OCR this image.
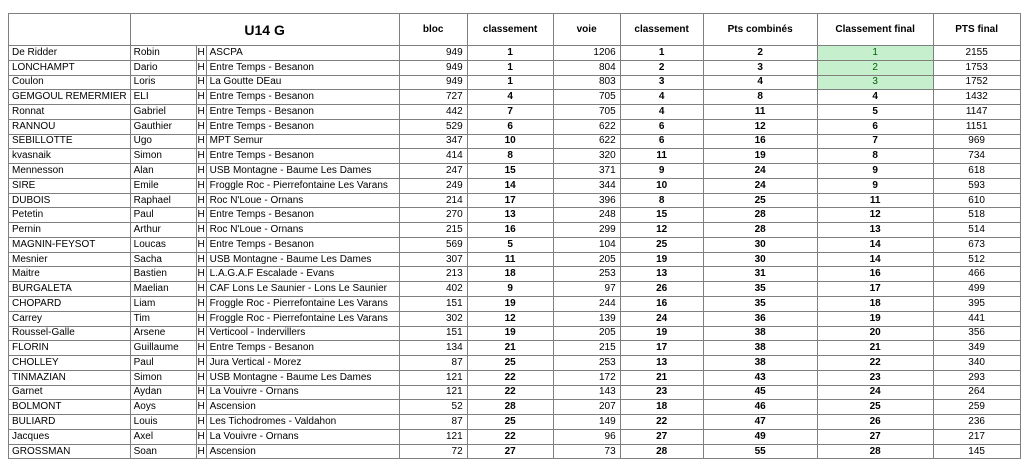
	U14 G			bloc	classement	voie	classement	Pts combinés	Classement final	PTS final
De Ridder	Robin	H	ASCPA	949	1	1206	1	2	1	2155
LONCHAMPT	Dario	H	Entre Temps - Besanon	949	1	804	2	3	2	1753
Coulon	Loris	H	La Goutte DEau	949	1	803	3	4	3	1752
GEMGOUL REMERMIER	ELI	H	Entre Temps - Besanon	727	4	705	4	8	4	1432
Ronnat	Gabriel	H	Entre Temps - Besanon	442	7	705	4	11	5	1147
RANNOU	Gauthier	H	Entre Temps - Besanon	529	6	622	6	12	6	1151
SEBILLOTTE	Ugo	H	MPT Semur	347	10	622	6	16	7	969
kvasnaik	Simon	H	Entre Temps - Besanon	414	8	320	11	19	8	734
Mennesson	Alan	H	USB Montagne - Baume Les Dames	247	15	371	9	24	9	618
SIRE	Emile	H	Froggle Roc - Pierrefontaine Les Varans	249	14	344	10	24	9	593
DUBOIS	Raphael	H	Roc N'Loue - Ornans	214	17	396	8	25	11	610
Petetin	Paul	H	Entre Temps - Besanon	270	13	248	15	28	12	518
Pernin	Arthur	H	Roc N'Loue - Ornans	215	16	299	12	28	13	514
MAGNIN-FEYSOT	Loucas	H	Entre Temps - Besanon	569	5	104	25	30	14	673
Mesnier	Sacha	H	USB Montagne - Baume Les Dames	307	11	205	19	30	14	512
Maitre	Bastien	H	L.A.G.A.F Escalade - Evans	213	18	253	13	31	16	466
BURGALETA	Maelian	H	CAF Lons Le Saunier - Lons Le Saunier	402	9	97	26	35	17	499
CHOPARD	Liam	H	Froggle Roc - Pierrefontaine Les Varans	151	19	244	16	35	18	395
Carrey	Tim	H	Froggle Roc - Pierrefontaine Les Varans	302	12	139	24	36	19	441
Roussel-Galle	Arsene	H	Verticool - Indervillers	151	19	205	19	38	20	356
FLORIN	Guillaume	H	Entre Temps - Besanon	134	21	215	17	38	21	349
CHOLLEY	Paul	H	Jura Vertical - Morez	87	25	253	13	38	22	340
TINMAZIAN	Simon	H	USB Montagne - Baume Les Dames	121	22	172	21	43	23	293
Garnet	Aydan	H	La Vouivre - Ornans	121	22	143	23	45	24	264
BOLMONT	Aoys	H	Ascension	52	28	207	18	46	25	259
BULIARD	Louis	H	Les Tichodromes - Valdahon	87	25	149	22	47	26	236
Jacques	Axel	H	La Vouivre - Ornans	121	22	96	27	49	27	217
GROSSMAN	Soan	H	Ascension	72	27	73	28	55	28	145
